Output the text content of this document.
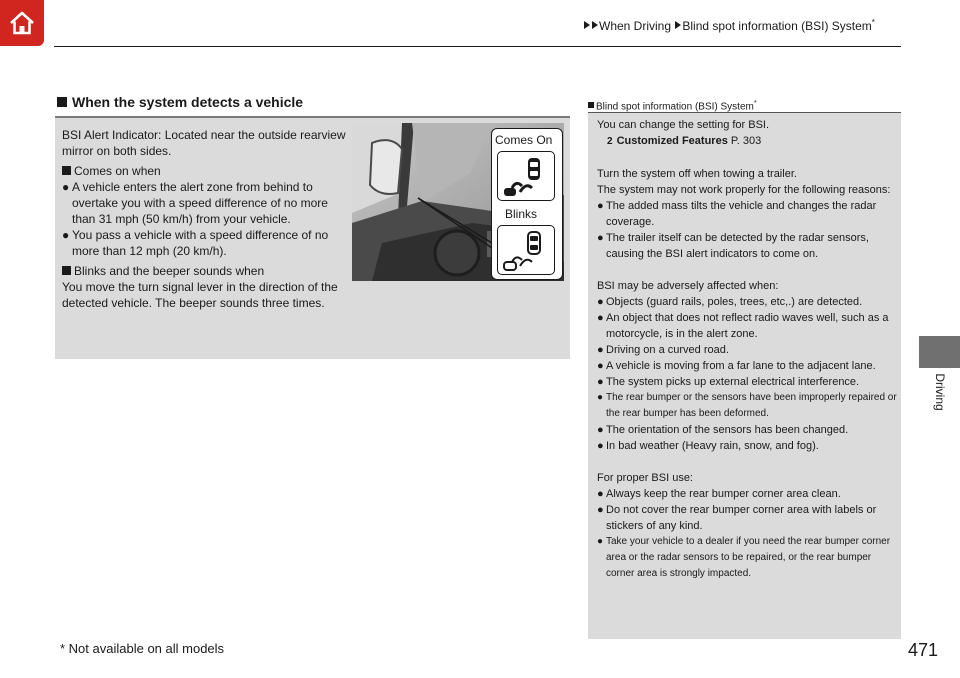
When Driving Blind spot information (BSI) System*
Driving
When the system detects a vehicle
BSI Alert Indicator: Located near the outside rearview mirror on both sides.
Comes on when
● A vehicle enters the alert zone from behind to overtake you with a speed difference of no more than 31 mph (50 km/h) from your vehicle.
● You pass a vehicle with a speed difference of no more than 12 mph (20 km/h).
Blinks and the beeper sounds when
You move the turn signal lever in the direction of the detected vehicle. The beeper sounds three times.
Comes On
Blinks
Blind spot information (BSI) System*
You can change the setting for BSI.
2 Customized Features P. 303
Turn the system off when towing a trailer.
The system may not work properly for the following reasons:
● The added mass tilts the vehicle and changes the radar coverage.
● The trailer itself can be detected by the radar sensors, causing the BSI alert indicators to come on.
BSI may be adversely affected when:
● Objects (guard rails, poles, trees, etc,.) are detected.
● An object that does not reflect radio waves well, such as a motorcycle, is in the alert zone.
● Driving on a curved road.
● A vehicle is moving from a far lane to the adjacent lane.
● The system picks up external electrical interference.
● The rear bumper or the sensors have been improperly repaired or the rear bumper has been deformed.
● The orientation of the sensors has been changed.
● In bad weather (Heavy rain, snow, and fog).
For proper BSI use:
● Always keep the rear bumper corner area clean.
● Do not cover the rear bumper corner area with labels or stickers of any kind.
● Take your vehicle to a dealer if you need the rear bumper corner area or the radar sensors to be repaired, or the rear bumper corner area is strongly impacted.
* Not available on all models	471
